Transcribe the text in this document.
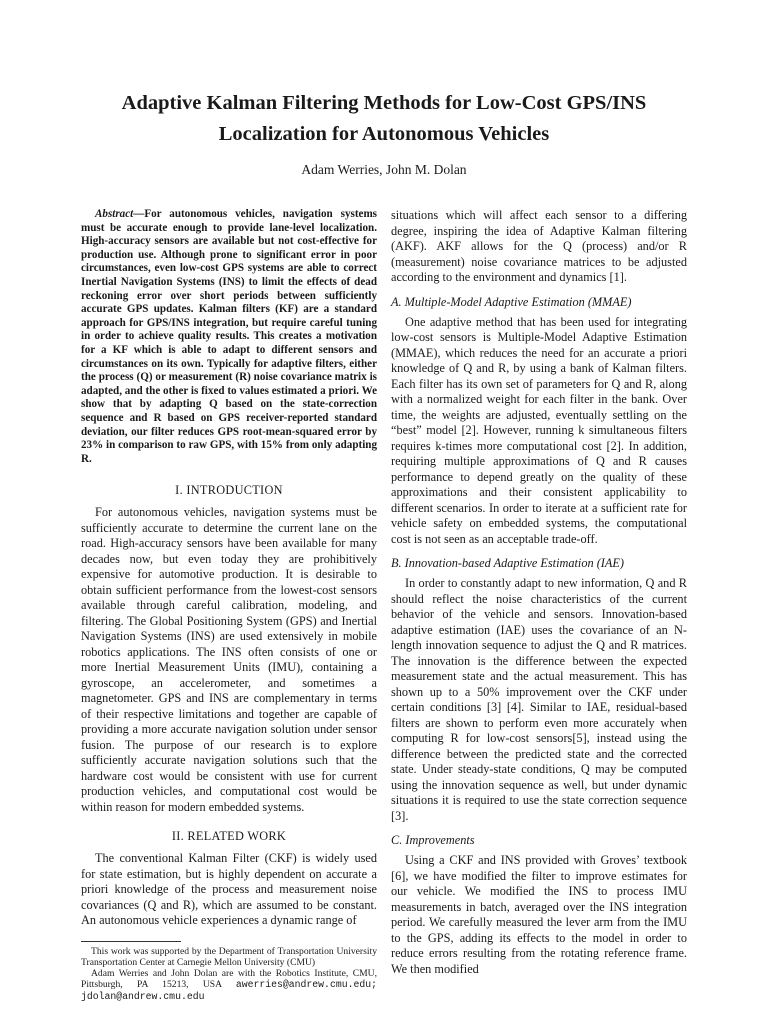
Adaptive Kalman Filtering Methods for Low-Cost GPS/INS
Localization for Autonomous Vehicles

Adam Werries, John M. Dolan

Abstract—For autonomous vehicles, navigation systems must be accurate enough to provide lane-level localization. High-accuracy sensors are available but not cost-effective for production use. Although prone to significant error in poor circumstances, even low-cost GPS systems are able to correct Inertial Navigation Systems (INS) to limit the effects of dead reckoning error over short periods between sufficiently accurate GPS updates. Kalman filters (KF) are a standard approach for GPS/INS integration, but require careful tuning in order to achieve quality results. This creates a motivation for a KF which is able to adapt to different sensors and circumstances on its own. Typically for adaptive filters, either the process (Q) or measurement (R) noise covariance matrix is adapted, and the other is fixed to values estimated a priori. We show that by adapting Q based on the state-correction sequence and R based on GPS receiver-reported standard deviation, our filter reduces GPS root-mean-squared error by 23% in comparison to raw GPS, with 15% from only adapting R.

I. INTRODUCTION

For autonomous vehicles, navigation systems must be sufficiently accurate to determine the current lane on the road. High-accuracy sensors have been available for many decades now, but even today they are prohibitively expensive for automotive production. It is desirable to obtain sufficient performance from the lowest-cost sensors available through careful calibration, modeling, and filtering. The Global Positioning System (GPS) and Inertial Navigation Systems (INS) are used extensively in mobile robotics applications. The INS often consists of one or more Inertial Measurement Units (IMU), containing a gyroscope, an accelerometer, and sometimes a magnetometer. GPS and INS are complementary in terms of their respective limitations and together are capable of providing a more accurate navigation solution under sensor fusion. The purpose of our research is to explore sufficiently accurate navigation solutions such that the hardware cost would be consistent with use for current production vehicles, and computational cost would be within reason for modern embedded systems.

II. RELATED WORK

The conventional Kalman Filter (CKF) is widely used for state estimation, but is highly dependent on accurate a priori knowledge of the process and measurement noise covariances (Q and R), which are assumed to be constant. An autonomous vehicle experiences a dynamic range of

This work was supported by the Department of Transportation University Transportation Center at Carnegie Mellon University (CMU)

Adam Werries and John Dolan are with the Robotics Institute, CMU, Pittsburgh, PA 15213, USA awerries@andrew.cmu.edu; jdolan@andrew.cmu.edu

situations which will affect each sensor to a differing degree, inspiring the idea of Adaptive Kalman filtering (AKF). AKF allows for the Q (process) and/or R (measurement) noise covariance matrices to be adjusted according to the environment and dynamics [1].

A. Multiple-Model Adaptive Estimation (MMAE)

One adaptive method that has been used for integrating low-cost sensors is Multiple-Model Adaptive Estimation (MMAE), which reduces the need for an accurate a priori knowledge of Q and R, by using a bank of Kalman filters. Each filter has its own set of parameters for Q and R, along with a normalized weight for each filter in the bank. Over time, the weights are adjusted, eventually settling on the “best” model [2]. However, running k simultaneous filters requires k-times more computational cost [2]. In addition, requiring multiple approximations of Q and R causes performance to depend greatly on the quality of these approximations and their consistent applicability to different scenarios. In order to iterate at a sufficient rate for vehicle safety on embedded systems, the computational cost is not seen as an acceptable trade-off.

B. Innovation-based Adaptive Estimation (IAE)

In order to constantly adapt to new information, Q and R should reflect the noise characteristics of the current behavior of the vehicle and sensors. Innovation-based adaptive estimation (IAE) uses the covariance of an N-length innovation sequence to adjust the Q and R matrices. The innovation is the difference between the expected measurement state and the actual measurement. This has shown up to a 50% improvement over the CKF under certain conditions [3] [4]. Similar to IAE, residual-based filters are shown to perform even more accurately when computing R for low-cost sensors[5], instead using the difference between the predicted state and the corrected state. Under steady-state conditions, Q may be computed using the innovation sequence as well, but under dynamic situations it is required to use the state correction sequence [3].

C. Improvements

Using a CKF and INS provided with Groves’ textbook [6], we have modified the filter to improve estimates for our vehicle. We modified the INS to process IMU measurements in batch, averaged over the INS integration period. We carefully measured the lever arm from the IMU to the GPS, adding its effects to the model in order to reduce errors resulting from the rotating reference frame. We then modified
